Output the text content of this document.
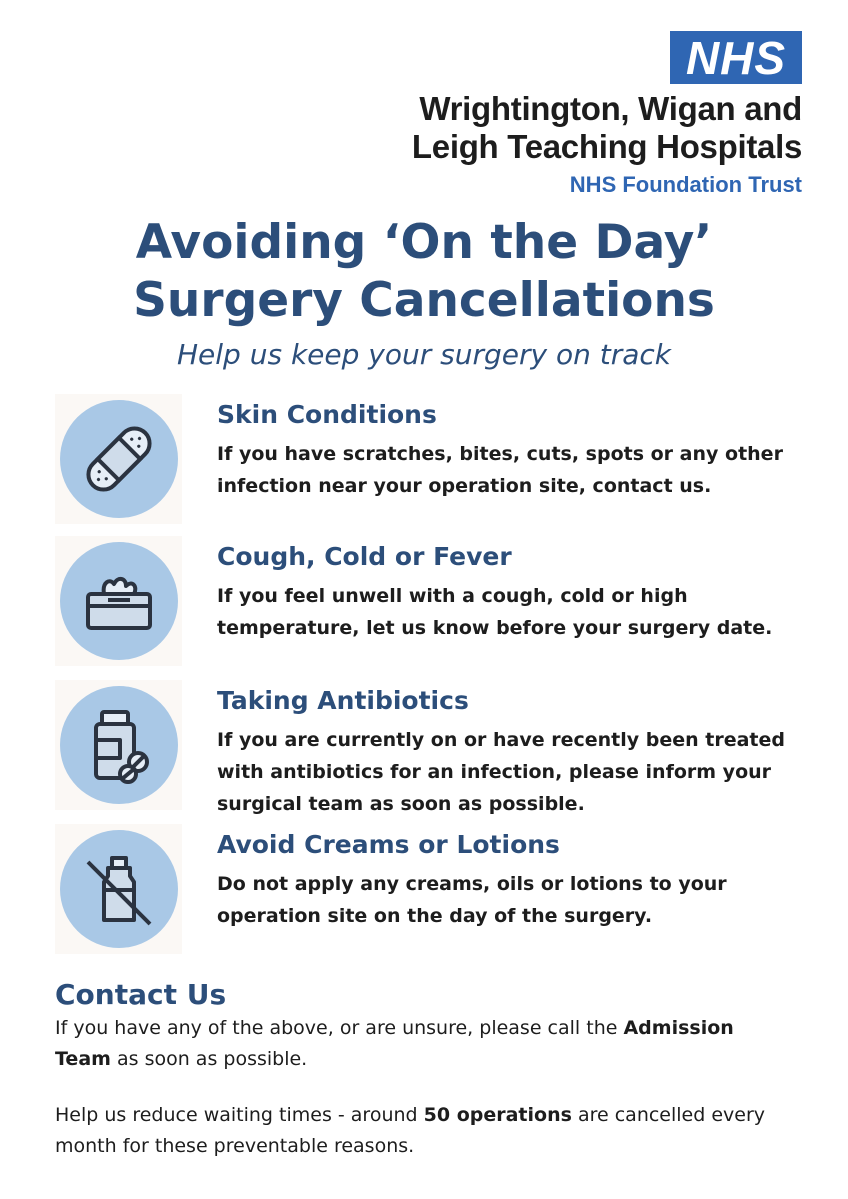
NHS
Wrightington, Wigan and
Leigh Teaching Hospitals
NHS Foundation Trust
Avoiding ‘On the Day’
Surgery Cancellations
Help us keep your surgery on track
Skin Conditions
If you have scratches, bites, cuts, spots or any other infection near your operation site, contact us.
Cough, Cold or Fever
If you feel unwell with a cough, cold or high temperature, let us know before your surgery date.
Taking Antibiotics
If you are currently on or have recently been treated with antibiotics for an infection, please inform your surgical team as soon as possible.
Avoid Creams or Lotions
Do not apply any creams, oils or lotions to your operation site on the day of the surgery.
Contact Us
If you have any of the above, or are unsure, please call the Admission Team as soon as possible.
Help us reduce waiting times - around 50 operations are cancelled every month for these preventable reasons.
